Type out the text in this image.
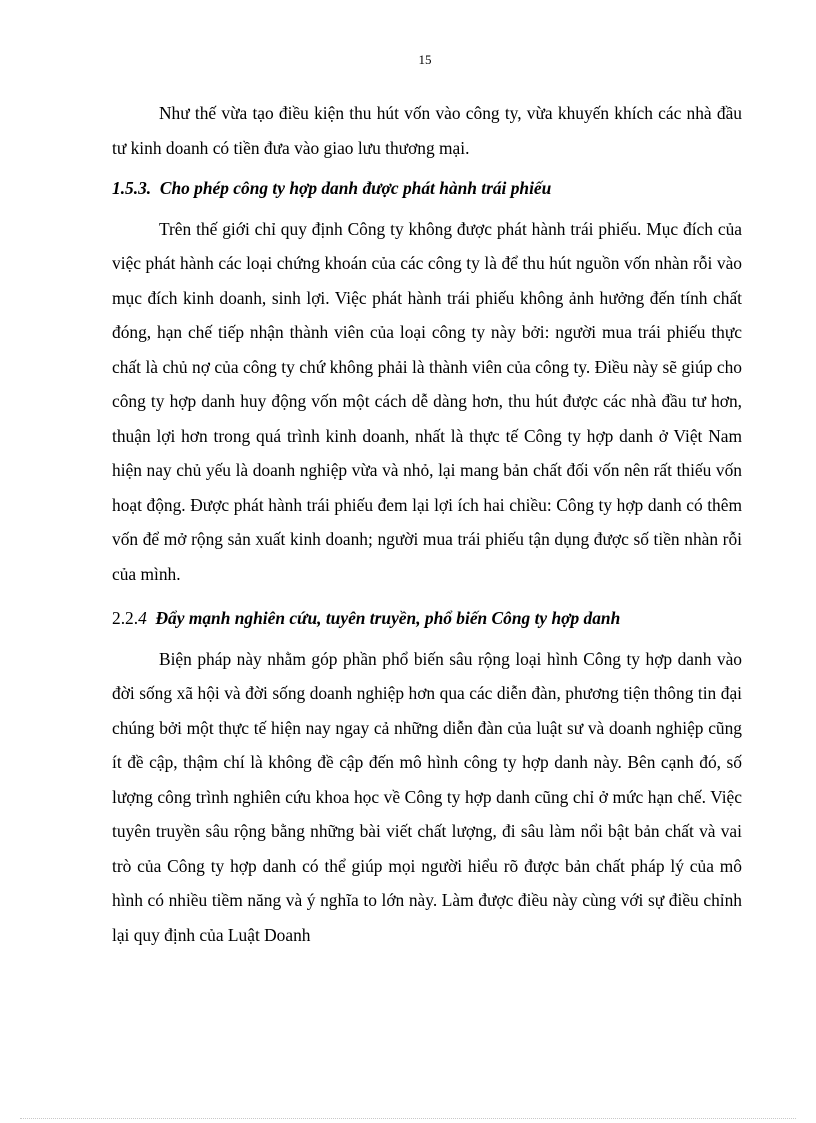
15

Như thế vừa tạo điều kiện thu hút vốn vào công ty, vừa khuyến khích các nhà đầu tư kinh doanh có tiền đưa vào giao lưu thương mại.

1.5.3. Cho phép công ty hợp danh được phát hành trái phiếu

Trên thế giới chỉ quy định Công ty không được phát hành trái phiếu. Mục đích của việc phát hành các loại chứng khoán của các công ty là để thu hút nguồn vốn nhàn rỗi vào mục đích kinh doanh, sinh lợi. Việc phát hành trái phiếu không ảnh hưởng đến tính chất đóng, hạn chế tiếp nhận thành viên của loại công ty này bởi: người mua trái phiếu thực chất là chủ nợ của công ty chứ không phải là thành viên của công ty. Điều này sẽ giúp cho công ty hợp danh huy động vốn một cách dễ dàng hơn, thu hút được các nhà đầu tư hơn, thuận lợi hơn trong quá trình kinh doanh, nhất là thực tế Công ty hợp danh ở Việt Nam hiện nay chủ yếu là doanh nghiệp vừa và nhỏ, lại mang bản chất đối vốn nên rất thiếu vốn hoạt động. Được phát hành trái phiếu đem lại lợi ích hai chiều: Công ty hợp danh có thêm vốn để mở rộng sản xuất kinh doanh; người mua trái phiếu tận dụng được số tiền nhàn rỗi của mình.

2.2.4 Đẩy mạnh nghiên cứu, tuyên truyền, phổ biến Công ty hợp danh

Biện pháp này nhằm góp phần phổ biến sâu rộng loại hình Công ty hợp danh vào đời sống xã hội và đời sống doanh nghiệp hơn qua các diễn đàn, phương tiện thông tin đại chúng bởi một thực tế hiện nay ngay cả những diễn đàn của luật sư và doanh nghiệp cũng ít đề cập, thậm chí là không đề cập đến mô hình công ty hợp danh này. Bên cạnh đó, số lượng công trình nghiên cứu khoa học về Công ty hợp danh cũng chỉ ở mức hạn chế. Việc tuyên truyền sâu rộng bằng những bài viết chất lượng, đi sâu làm nổi bật bản chất và vai trò của Công ty hợp danh có thể giúp mọi người hiểu rõ được bản chất pháp lý của mô hình có nhiều tiềm năng và ý nghĩa to lớn này. Làm được điều này cùng với sự điều chỉnh lại quy định của Luật Doanh
